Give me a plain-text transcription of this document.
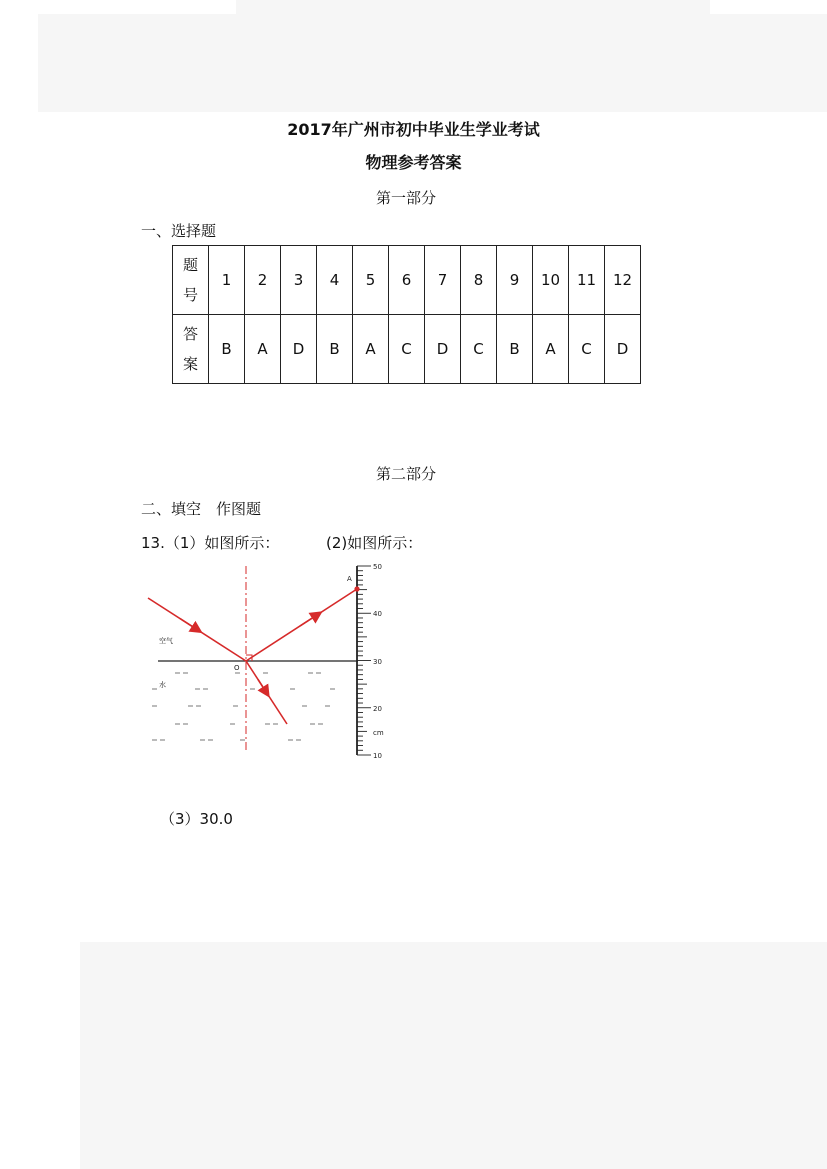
2017年广州市初中毕业生学业考试
物理参考答案
第一部分
一、选择题
题
号	1	2	3	4	5	6	7	8	9	10	11	12

答
案	B	A	D	B	A	C	D	C	B	A	C	D
第二部分
二、填空　作图题
13.（1）如图所示：	(2)如图所示：
空气
水
O
A
50
40
30
20
cm
10
（3）30.0
